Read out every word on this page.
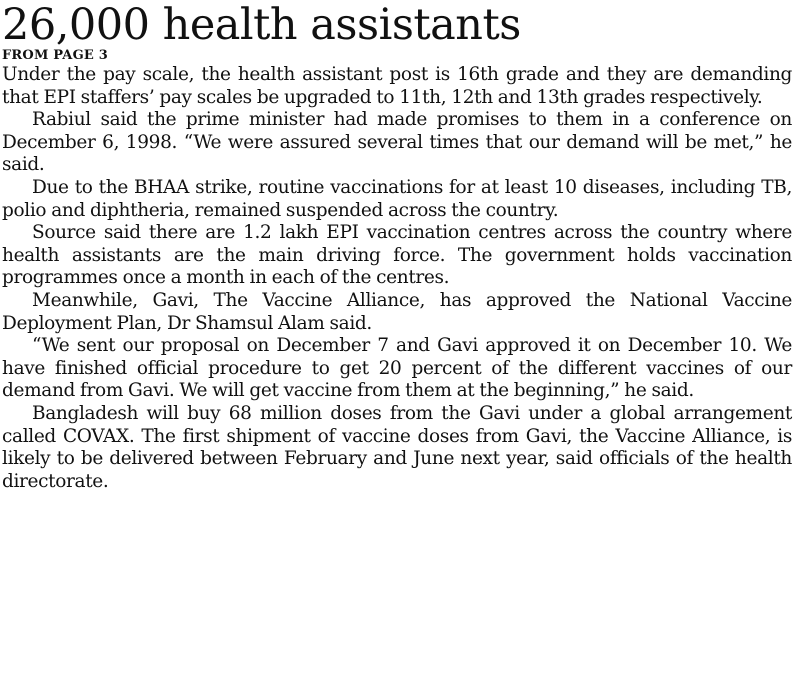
26,000 health assistants
FROM PAGE 3

Under the pay scale, the health assistant post is 16th grade and they are demanding that EPI staffers’ pay scales be upgraded to 11th, 12th and 13th grades respectively.

Rabiul said the prime minister had made promises to them in a conference on December 6, 1998. “We were assured several times that our demand will be met,” he said.

Due to the BHAA strike, routine vaccinations for at least 10 diseases, including TB, polio and diphtheria, remained suspended across the country.

Source said there are 1.2 lakh EPI vaccination centres across the country where health assistants are the main driving force. The government holds vaccination programmes once a month in each of the centres.

Meanwhile, Gavi, The Vaccine Alliance, has approved the National Vaccine Deployment Plan, Dr Shamsul Alam said.

“We sent our proposal on December 7 and Gavi approved it on December 10. We have finished official procedure to get 20 percent of the different vaccines of our demand from Gavi. We will get vaccine from them at the beginning,” he said.

Bangladesh will buy 68 million doses from the Gavi under a global arrangement called COVAX. The first shipment of vaccine doses from Gavi, the Vaccine Alliance, is likely to be delivered between February and June next year, said officials of the health directorate.
